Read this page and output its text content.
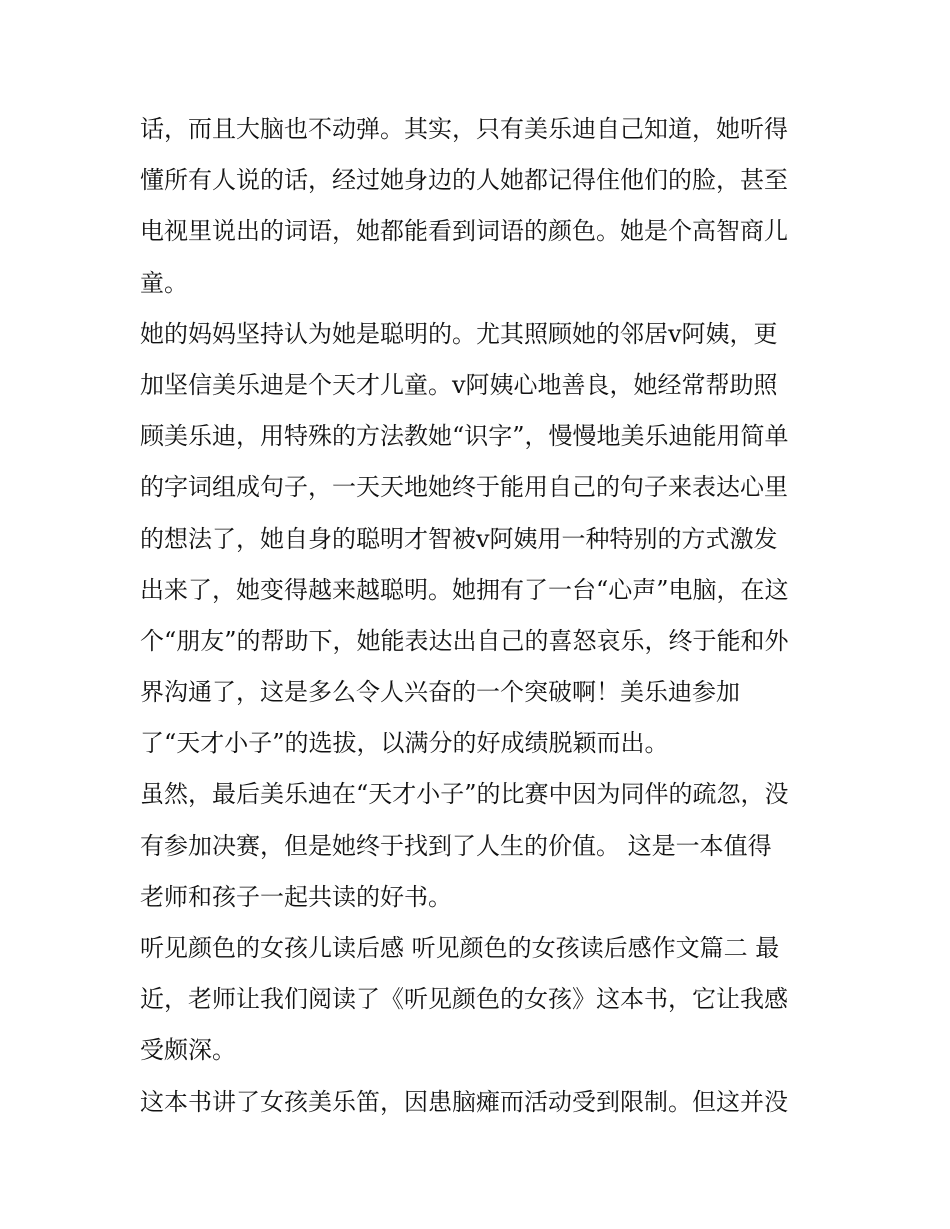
话，而且大脑也不动弹。其实，只有美乐迪自己知道，她听得
懂所有人说的话，经过她身边的人她都记得住他们的脸，甚至
电视里说出的词语，她都能看到词语的颜色。她是个高智商儿
童。
她的妈妈坚持认为她是聪明的。尤其照顾她的邻居v阿姨，更
加坚信美乐迪是个天才儿童。v阿姨心地善良，她经常帮助照
顾美乐迪，用特殊的方法教她“识字”，慢慢地美乐迪能用简单
的字词组成句子，一天天地她终于能用自己的句子来表达心里
的想法了，她自身的聪明才智被v阿姨用一种特别的方式激发
出来了，她变得越来越聪明。她拥有了一台“心声”电脑，在这
个“朋友”的帮助下，她能表达出自己的喜怒哀乐，终于能和外
界沟通了，这是多么令人兴奋的一个突破啊！美乐迪参加
了“天才小子”的选拔，以满分的好成绩脱颖而出。
虽然，最后美乐迪在“天才小子”的比赛中因为同伴的疏忽，没
有参加决赛，但是她终于找到了人生的价值。 这是一本值得
老师和孩子一起共读的好书。
听见颜色的女孩儿读后感 听见颜色的女孩读后感作文篇二 最
近，老师让我们阅读了《听见颜色的女孩》这本书，它让我感
受颇深。
这本书讲了女孩美乐笛，因患脑瘫而活动受到限制。但这并没
